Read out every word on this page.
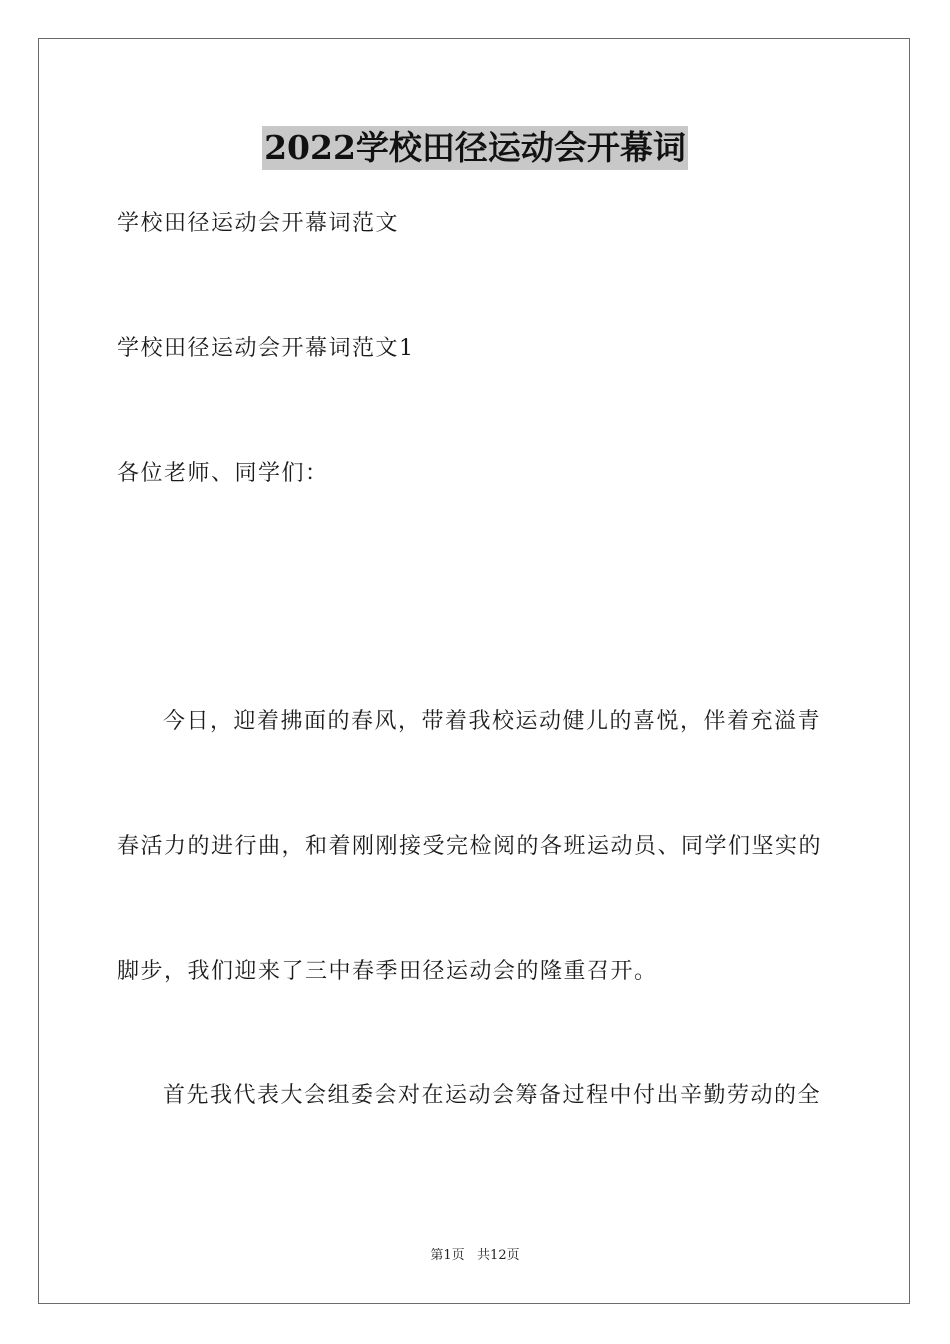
2022学校田径运动会开幕词
学校田径运动会开幕词范文
学校田径运动会开幕词范文1
各位老师、同学们：
今日，迎着拂面的春风，带着我校运动健儿的喜悦，伴着充溢青
春活力的进行曲，和着刚刚接受完检阅的各班运动员、同学们坚实的
脚步，我们迎来了三中春季田径运动会的隆重召开。
首先我代表大会组委会对在运动会筹备过程中付出辛勤劳动的全
第1页   共12页
